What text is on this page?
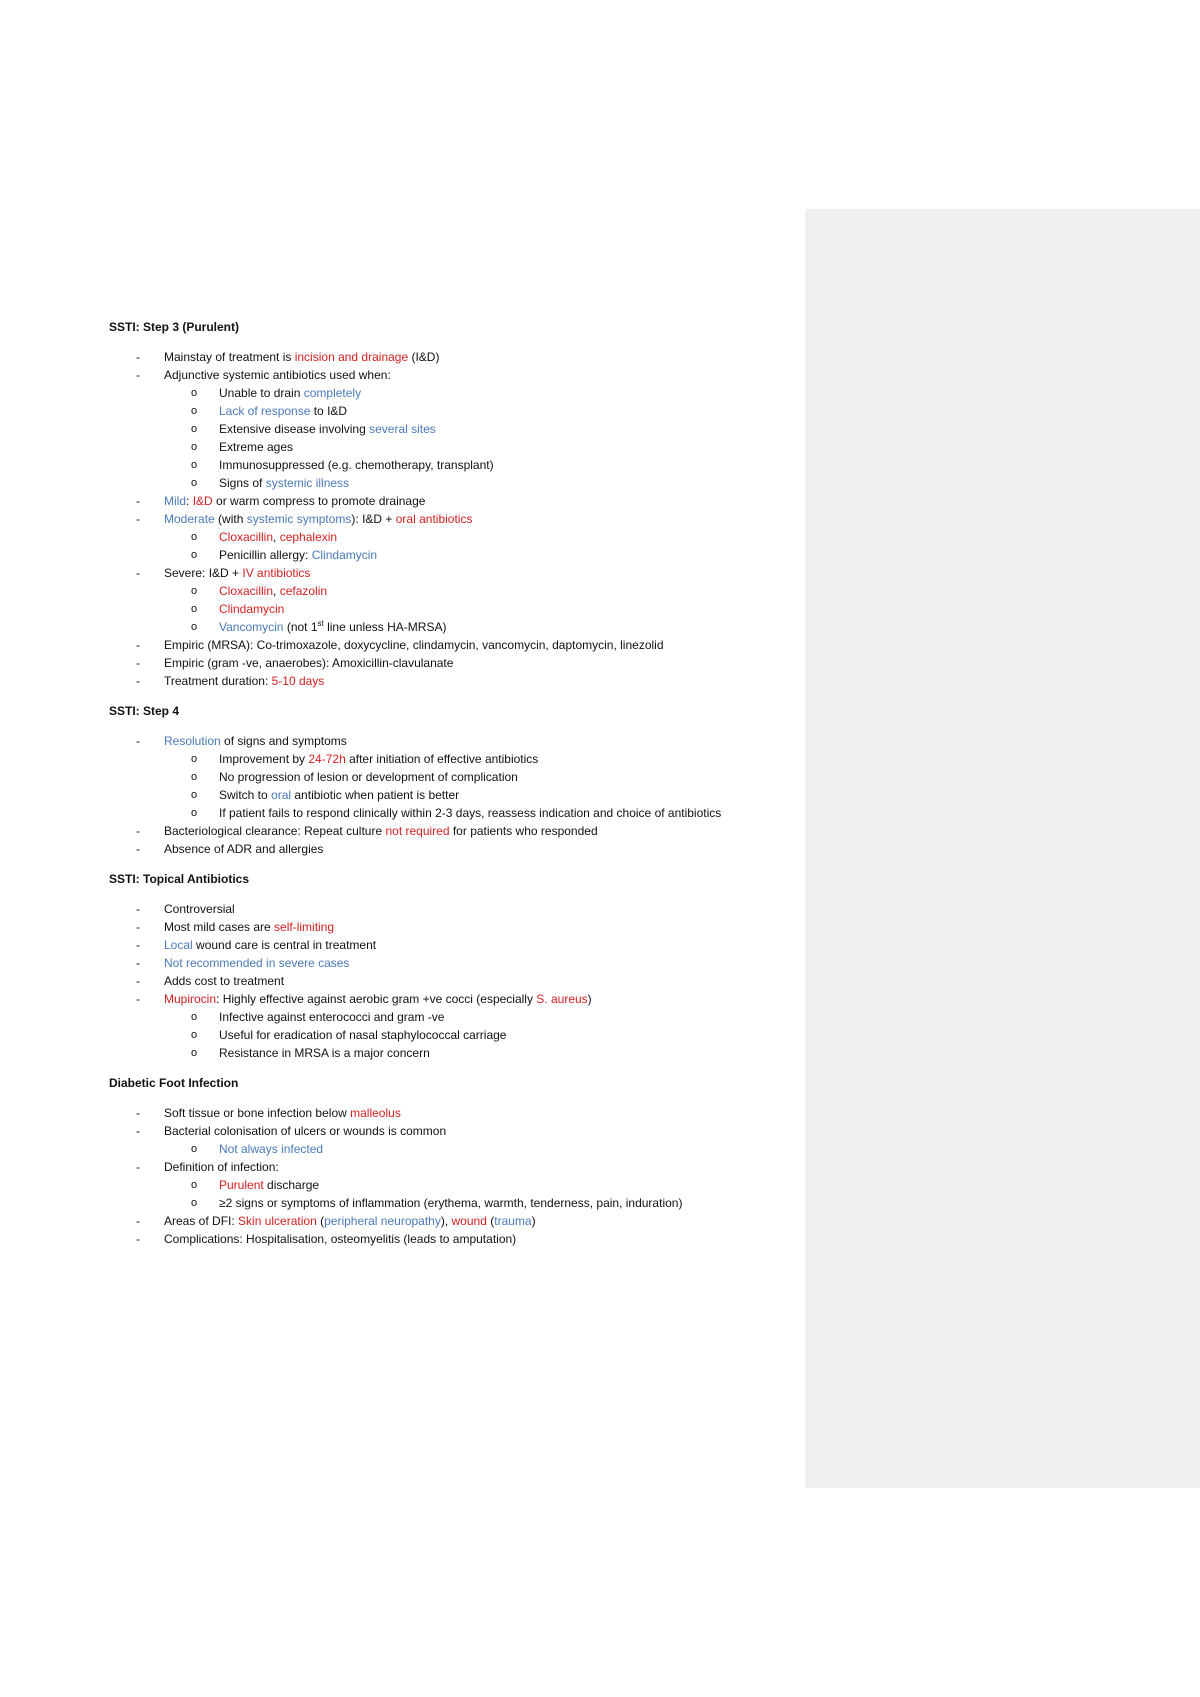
SSTI: Step 3 (Purulent)
- Mainstay of treatment is incision and drainage (I&D)
- Adjunctive systemic antibiotics used when:
o Unable to drain completely
o Lack of response to I&D
o Extensive disease involving several sites
o Extreme ages
o Immunosuppressed (e.g. chemotherapy, transplant)
o Signs of systemic illness
- Mild: I&D or warm compress to promote drainage
- Moderate (with systemic symptoms): I&D + oral antibiotics
o Cloxacillin, cephalexin
o Penicillin allergy: Clindamycin
- Severe: I&D + IV antibiotics
o Cloxacillin, cefazolin
o Clindamycin
o Vancomycin (not 1st line unless HA-MRSA)
- Empiric (MRSA): Co-trimoxazole, doxycycline, clindamycin, vancomycin, daptomycin, linezolid
- Empiric (gram -ve, anaerobes): Amoxicillin-clavulanate
- Treatment duration: 5-10 days
SSTI: Step 4
- Resolution of signs and symptoms
o Improvement by 24-72h after initiation of effective antibiotics
o No progression of lesion or development of complication
o Switch to oral antibiotic when patient is better
o If patient fails to respond clinically within 2-3 days, reassess indication and choice of antibiotics
- Bacteriological clearance: Repeat culture not required for patients who responded
- Absence of ADR and allergies
SSTI: Topical Antibiotics
- Controversial
- Most mild cases are self-limiting
- Local wound care is central in treatment
- Not recommended in severe cases
- Adds cost to treatment
- Mupirocin: Highly effective against aerobic gram +ve cocci (especially S. aureus)
o Infective against enterococci and gram -ve
o Useful for eradication of nasal staphylococcal carriage
o Resistance in MRSA is a major concern
Diabetic Foot Infection
- Soft tissue or bone infection below malleolus
- Bacterial colonisation of ulcers or wounds is common
o Not always infected
- Definition of infection:
o Purulent discharge
o ≥2 signs or symptoms of inflammation (erythema, warmth, tenderness, pain, induration)
- Areas of DFI: Skin ulceration (peripheral neuropathy), wound (trauma)
- Complications: Hospitalisation, osteomyelitis (leads to amputation)
